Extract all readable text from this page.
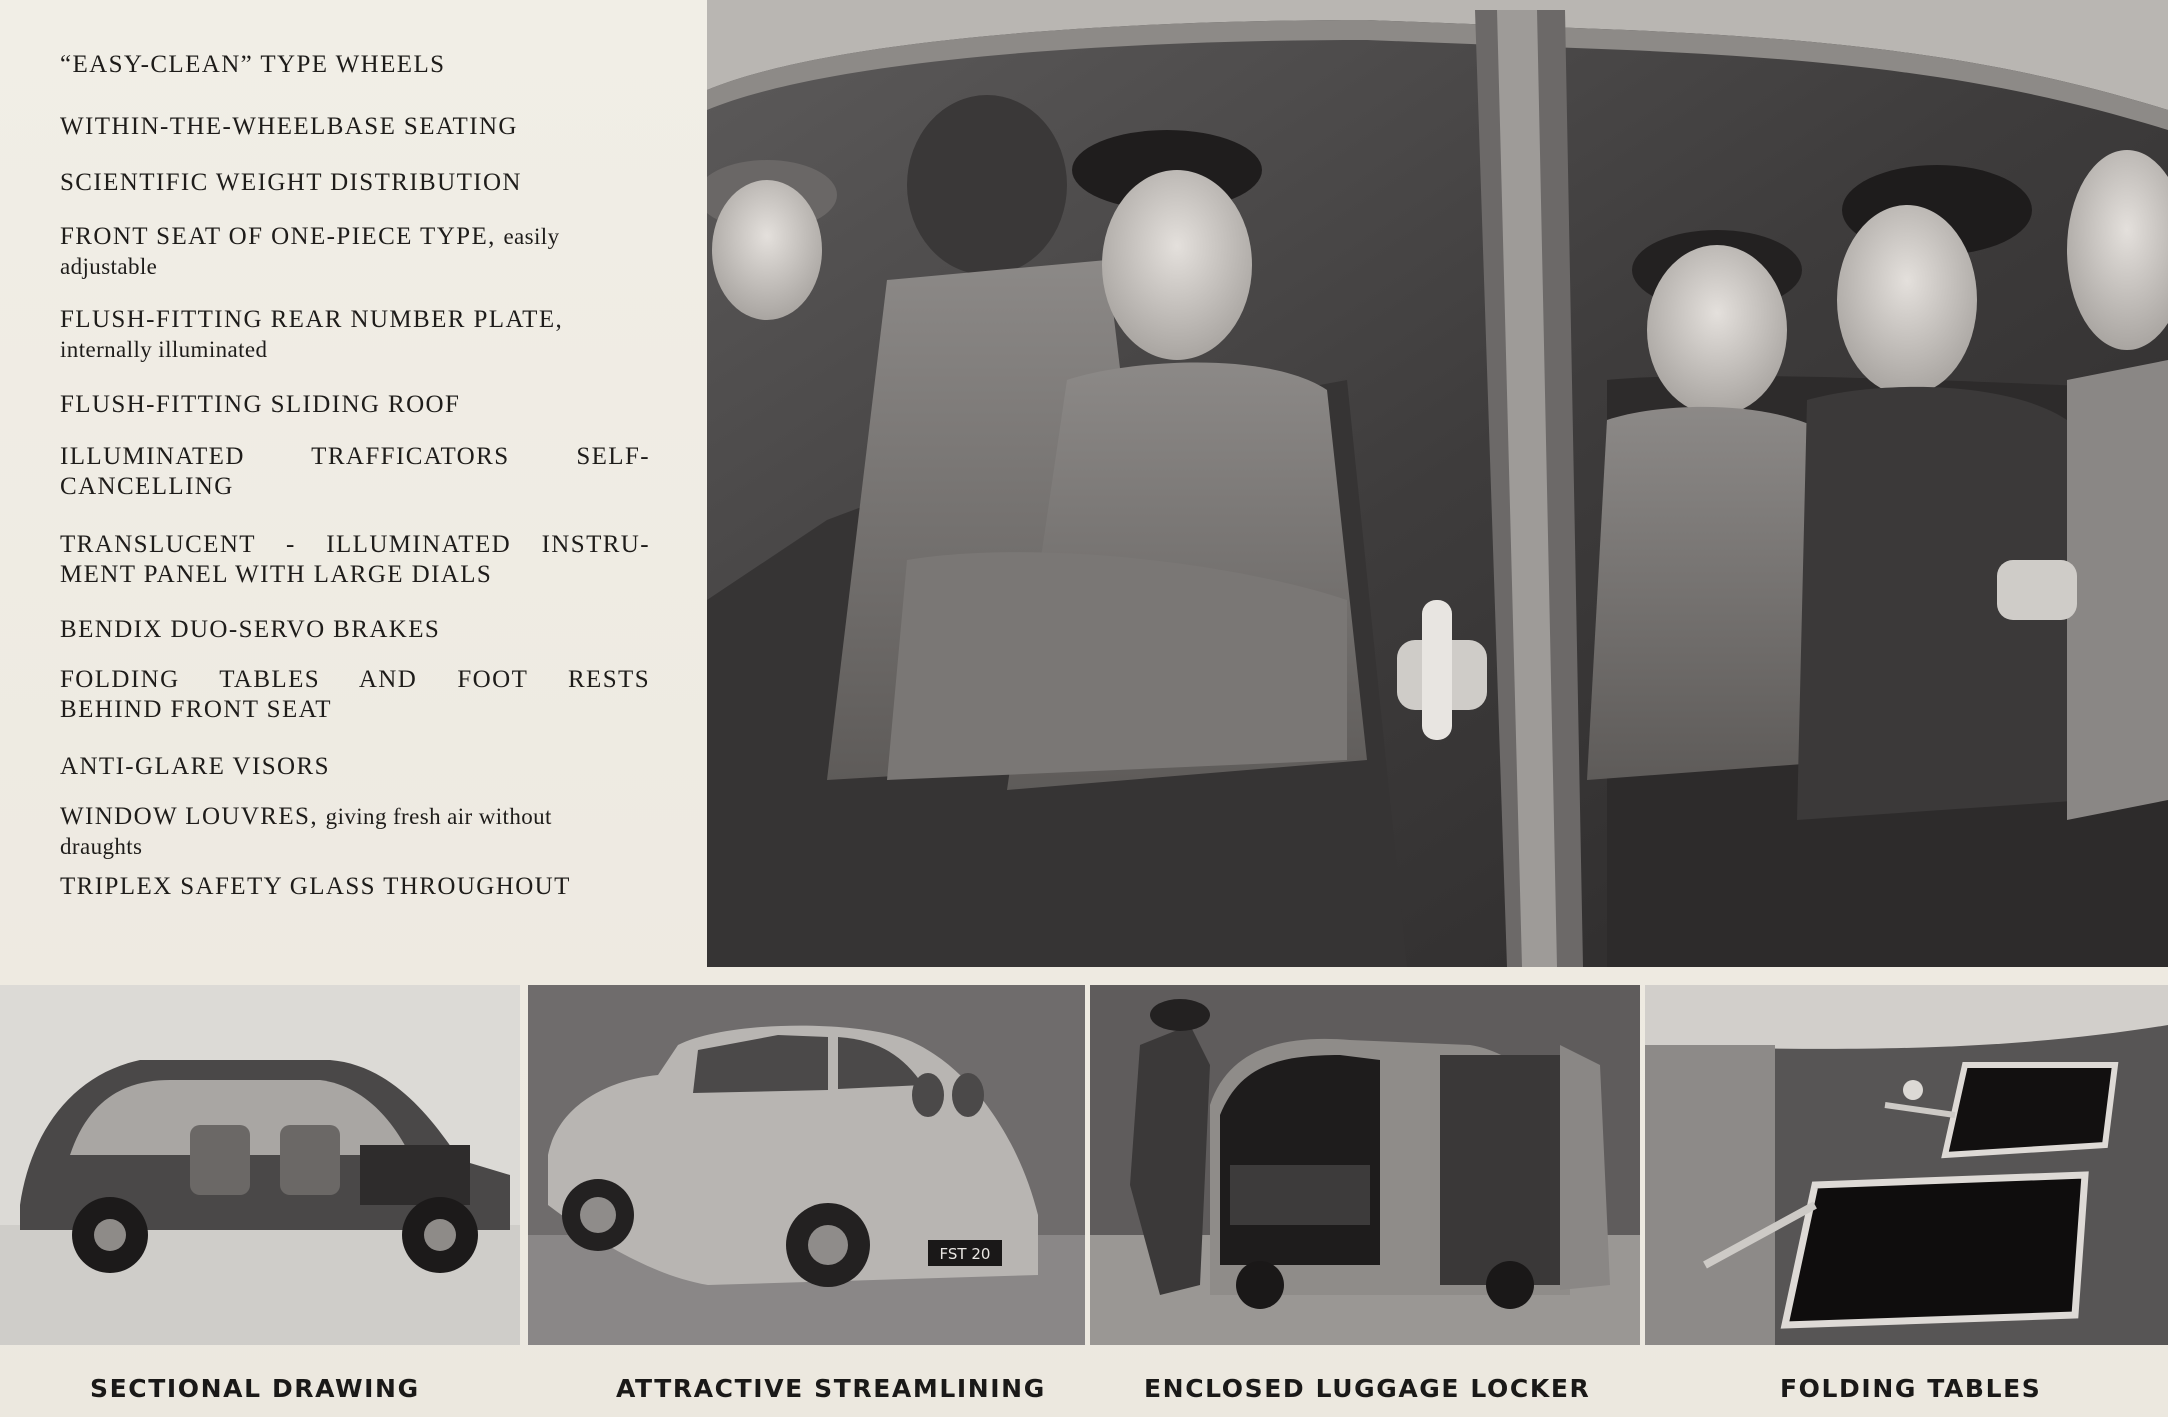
“EASY-CLEAN” TYPE WHEELS
WITHIN-THE-WHEELBASE SEATING
SCIENTIFIC WEIGHT DISTRIBUTION
FRONT SEAT OF ONE-PIECE TYPE, easily
adjustable
FLUSH-FITTING REAR NUMBER PLATE,
internally illuminated
FLUSH-FITTING SLIDING ROOF
ILLUMINATED TRAFFICATORS SELF-
CANCELLING
TRANSLUCENT - ILLUMINATED INSTRU-
MENT PANEL WITH LARGE DIALS
BENDIX DUO-SERVO BRAKES
FOLDING TABLES AND FOOT RESTS
BEHIND FRONT SEAT
ANTI-GLARE VISORS
WINDOW LOUVRES, giving fresh air without
draughts
TRIPLEX SAFETY GLASS THROUGHOUT
FST 20
SECTIONAL DRAWING	ATTRACTIVE STREAMLINING	ENCLOSED LUGGAGE LOCKER	FOLDING TABLES
